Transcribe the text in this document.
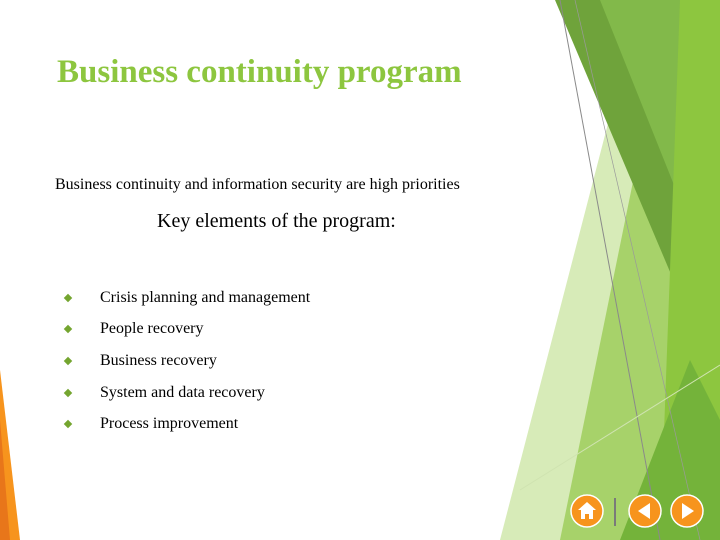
Business continuity program
Business continuity and information security are high priorities
Key elements of the program:
Crisis planning and management
People recovery
Business recovery
System and data recovery
Process improvement
